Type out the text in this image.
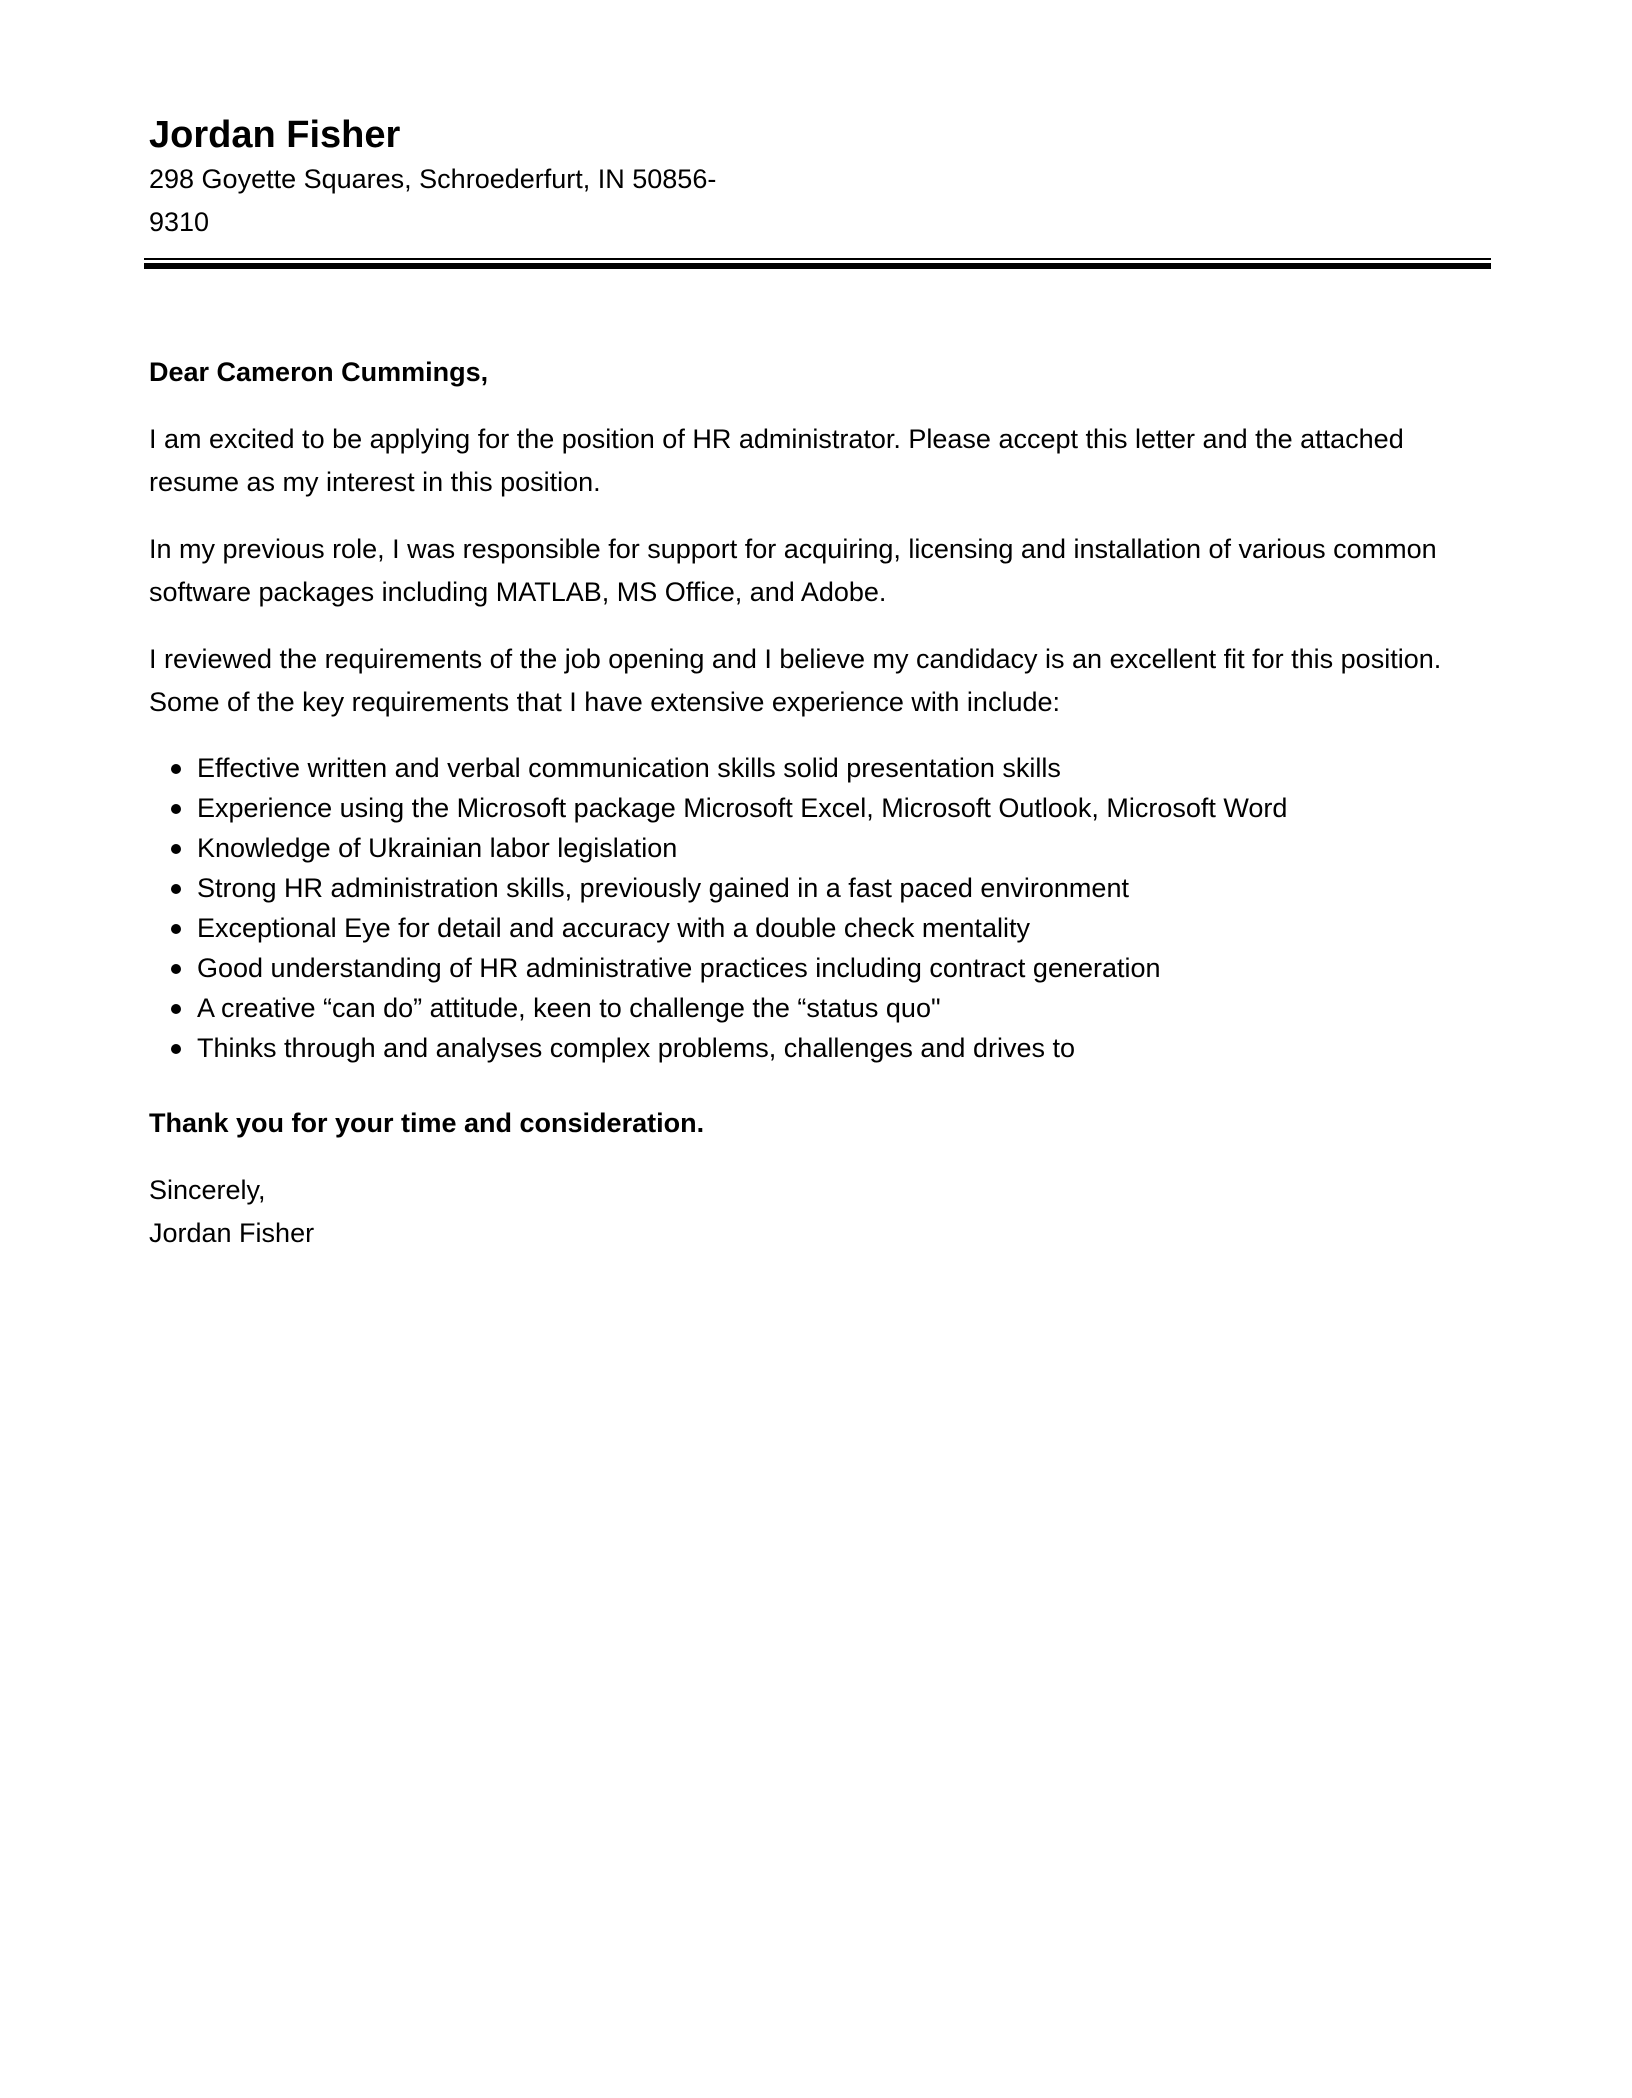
Jordan Fisher

298 Goyette Squares, Schroederfurt, IN 50856-
9310

Dear Cameron Cummings,

I am excited to be applying for the position of HR administrator. Please accept this letter and the attached resume as my interest in this position.

In my previous role, I was responsible for support for acquiring, licensing and installation of various common software packages including MATLAB, MS Office, and Adobe.

I reviewed the requirements of the job opening and I believe my candidacy is an excellent fit for this position. Some of the key requirements that I have extensive experience with include:

Effective written and verbal communication skills solid presentation skills
Experience using the Microsoft package Microsoft Excel, Microsoft Outlook, Microsoft Word
Knowledge of Ukrainian labor legislation
Strong HR administration skills, previously gained in a fast paced environment
Exceptional Eye for detail and accuracy with a double check mentality
Good understanding of HR administrative practices including contract generation
A creative “can do” attitude, keen to challenge the “status quo"
Thinks through and analyses complex problems, challenges and drives to

Thank you for your time and consideration.

Sincerely,
Jordan Fisher
